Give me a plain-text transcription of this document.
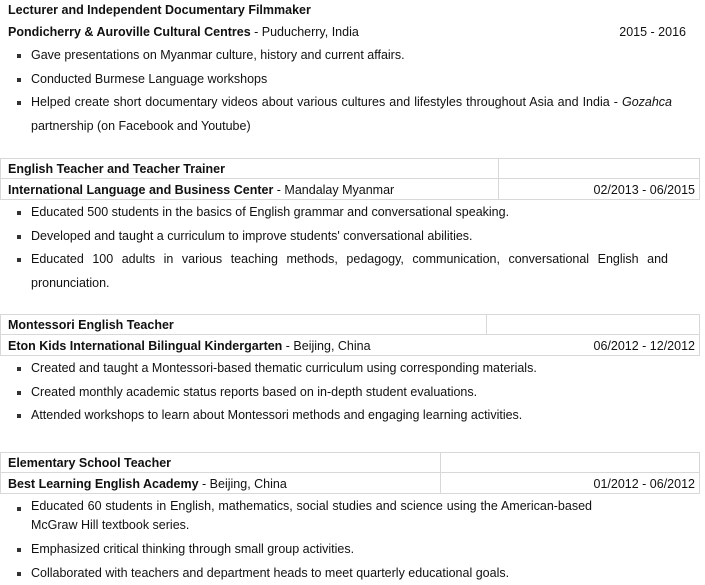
Lecturer and Independent Documentary Filmmaker
Pondicherry & Auroville Cultural Centres - Puducherry, India	2015 - 2016
Gave presentations on Myanmar culture, history and current affairs.
Conducted Burmese Language workshops
Helped create short documentary videos about various cultures and lifestyles throughout Asia and India - Gozahca partnership (on Facebook and Youtube)
English Teacher and Teacher Trainer
International Language and Business Center - Mandalay Myanmar	02/2013 - 06/2015
Educated 500 students in the basics of English grammar and conversational speaking.
Developed and taught a curriculum to improve students' conversational abilities.
Educated 100 adults in various teaching methods, pedagogy, communication, conversational English and pronunciation.
Montessori English Teacher
Eton Kids International Bilingual Kindergarten - Beijing, China	06/2012 - 12/2012
Created and taught a Montessori-based thematic curriculum using corresponding materials.
Created monthly academic status reports based on in-depth student evaluations.
Attended workshops to learn about Montessori methods and engaging learning activities.
Elementary School Teacher
Best Learning English Academy - Beijing, China	01/2012 - 06/2012
Educated 60 students in English, mathematics, social studies and science using the American-based McGraw Hill textbook series.
Emphasized critical thinking through small group activities.
Collaborated with teachers and department heads to meet quarterly educational goals.
